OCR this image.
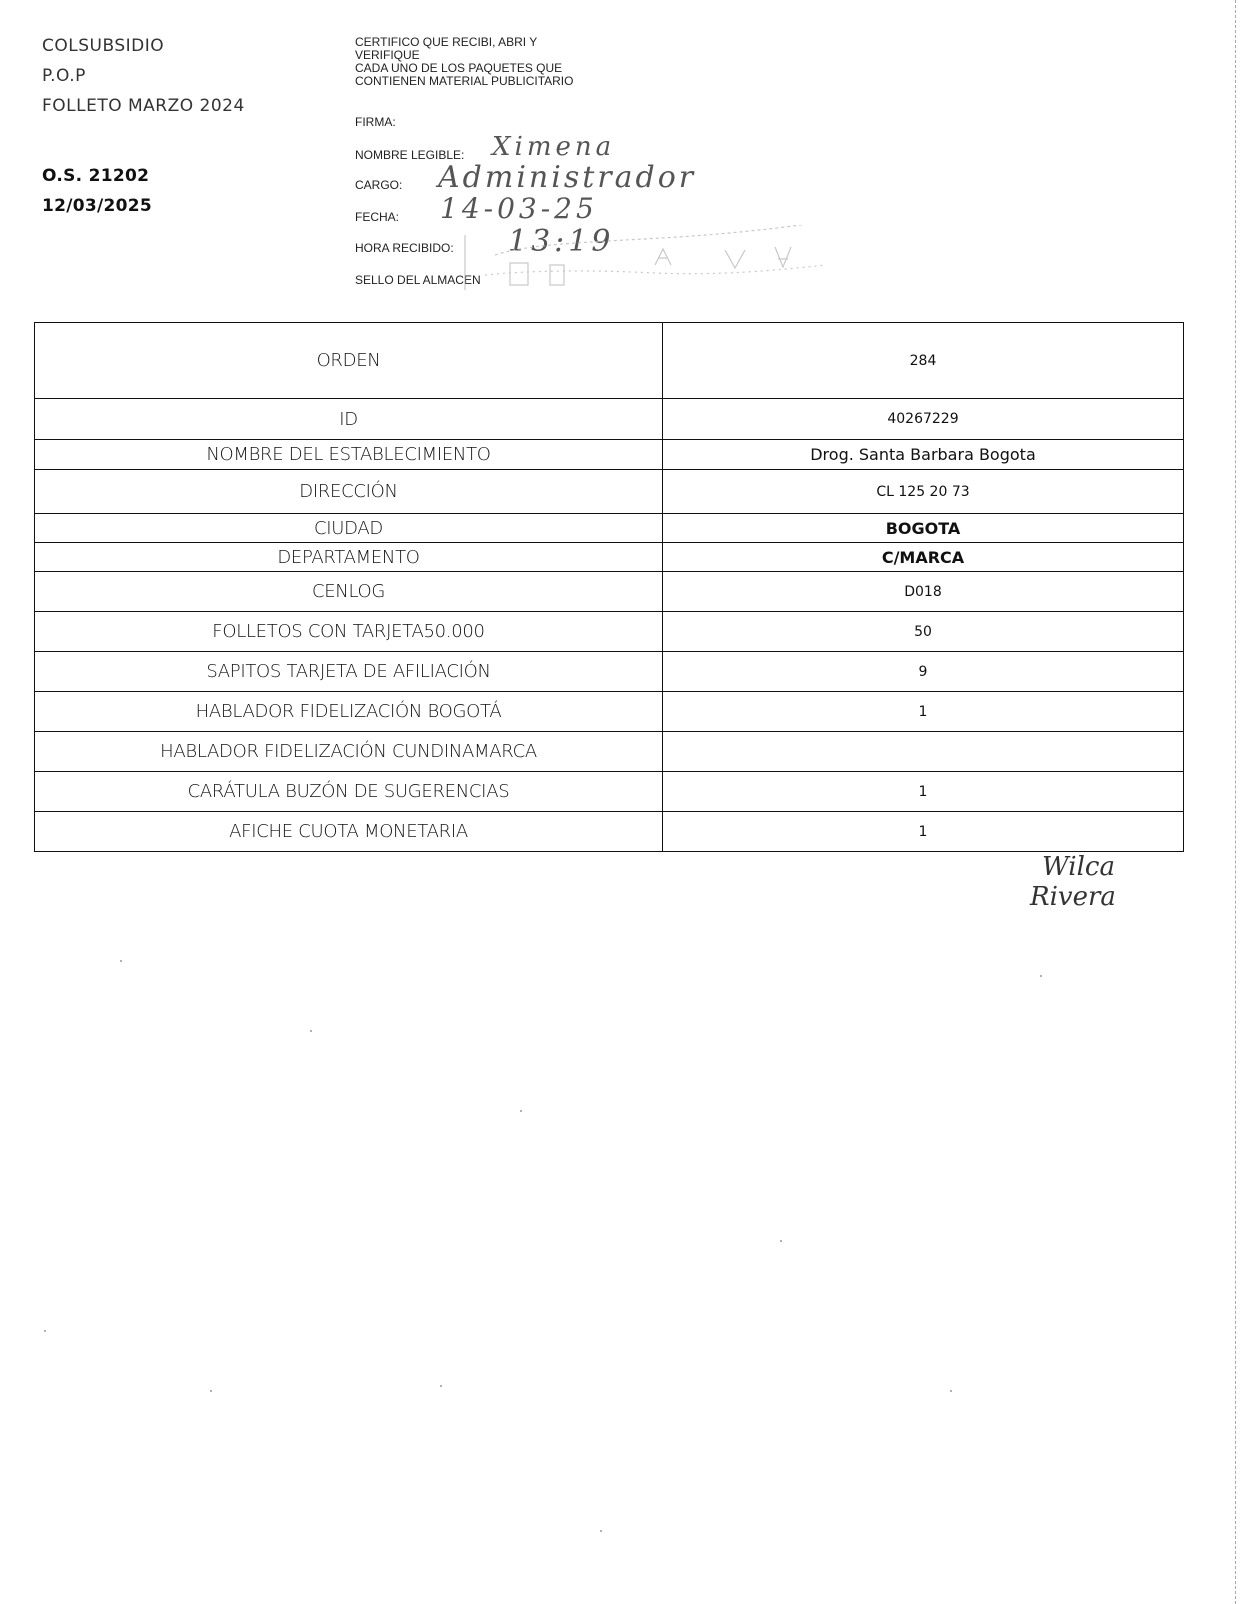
COLSUBSIDIO
P.O.P
FOLLETO MARZO 2024
O.S. 21202
12/03/2025
CERTIFICO QUE RECIBI, ABRI Y
VERIFIQUE
CADA UNO DE LOS PAQUETES QUE
CONTIENEN MATERIAL PUBLICITARIO
FIRMA:
NOMBRE LEGIBLE: Ximena
CARGO: Administrador
FECHA: 14-03-25
HORA RECIBIDO: 13:19
SELLO DEL ALMACEN
ORDEN	284
ID	40267229
NOMBRE DEL ESTABLECIMIENTO	Drog. Santa Barbara Bogota
DIRECCIÓN	CL 125 20 73
CIUDAD	BOGOTA
DEPARTAMENTO	C/MARCA
CENLOG	D018
FOLLETOS CON TARJETA50.000	50
SAPITOS TARJETA DE AFILIACIÓN	9
HABLADOR FIDELIZACIÓN BOGOTÁ	1
HABLADOR FIDELIZACIÓN CUNDINAMARCA	
CARÁTULA BUZÓN DE SUGERENCIAS	1
AFICHE CUOTA MONETARIA	1
Wilca
Rivera
